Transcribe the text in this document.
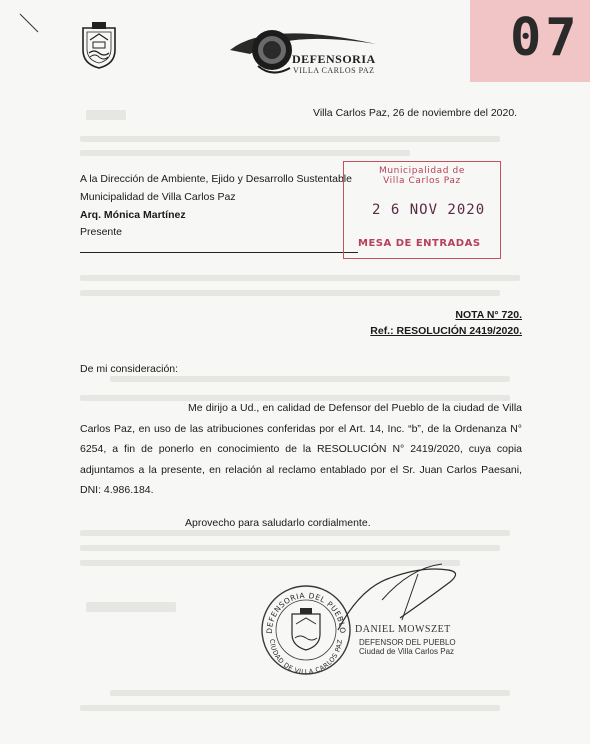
DEFENSORIA
VILLA CARLOS PAZ
07
Villa Carlos Paz, 26 de noviembre del 2020.
A la Dirección de Ambiente, Ejido y Desarrollo Sustentable
Municipalidad de Villa Carlos Paz
Arq. Mónica Martínez
Presente
Municipalidad de
Villa Carlos Paz
2 6 NOV 2020
MESA DE ENTRADAS
NOTA N° 720.
Ref.: RESOLUCIÓN 2419/2020.
De mi consideración:
Me dirijo a Ud., en calidad de Defensor del Pueblo de la ciudad de Villa Carlos Paz, en uso de las atribuciones conferidas por el Art. 14, Inc. “b”, de la Ordenanza N° 6254, a fin de ponerlo en conocimiento de la RESOLUCIÓN N° 2419/2020, cuya copia adjuntamos a la presente, en relación al reclamo entablado por el Sr. Juan Carlos Paesani, DNI: 4.986.184.
Aprovecho para saludarlo cordialmente.
DEFENSORIA DEL PUEBLO
CIUDAD DE VILLA CARLOS PAZ
DANIEL MOWSZET
DEFENSOR DEL PUEBLO
Ciudad de Villa Carlos Paz
